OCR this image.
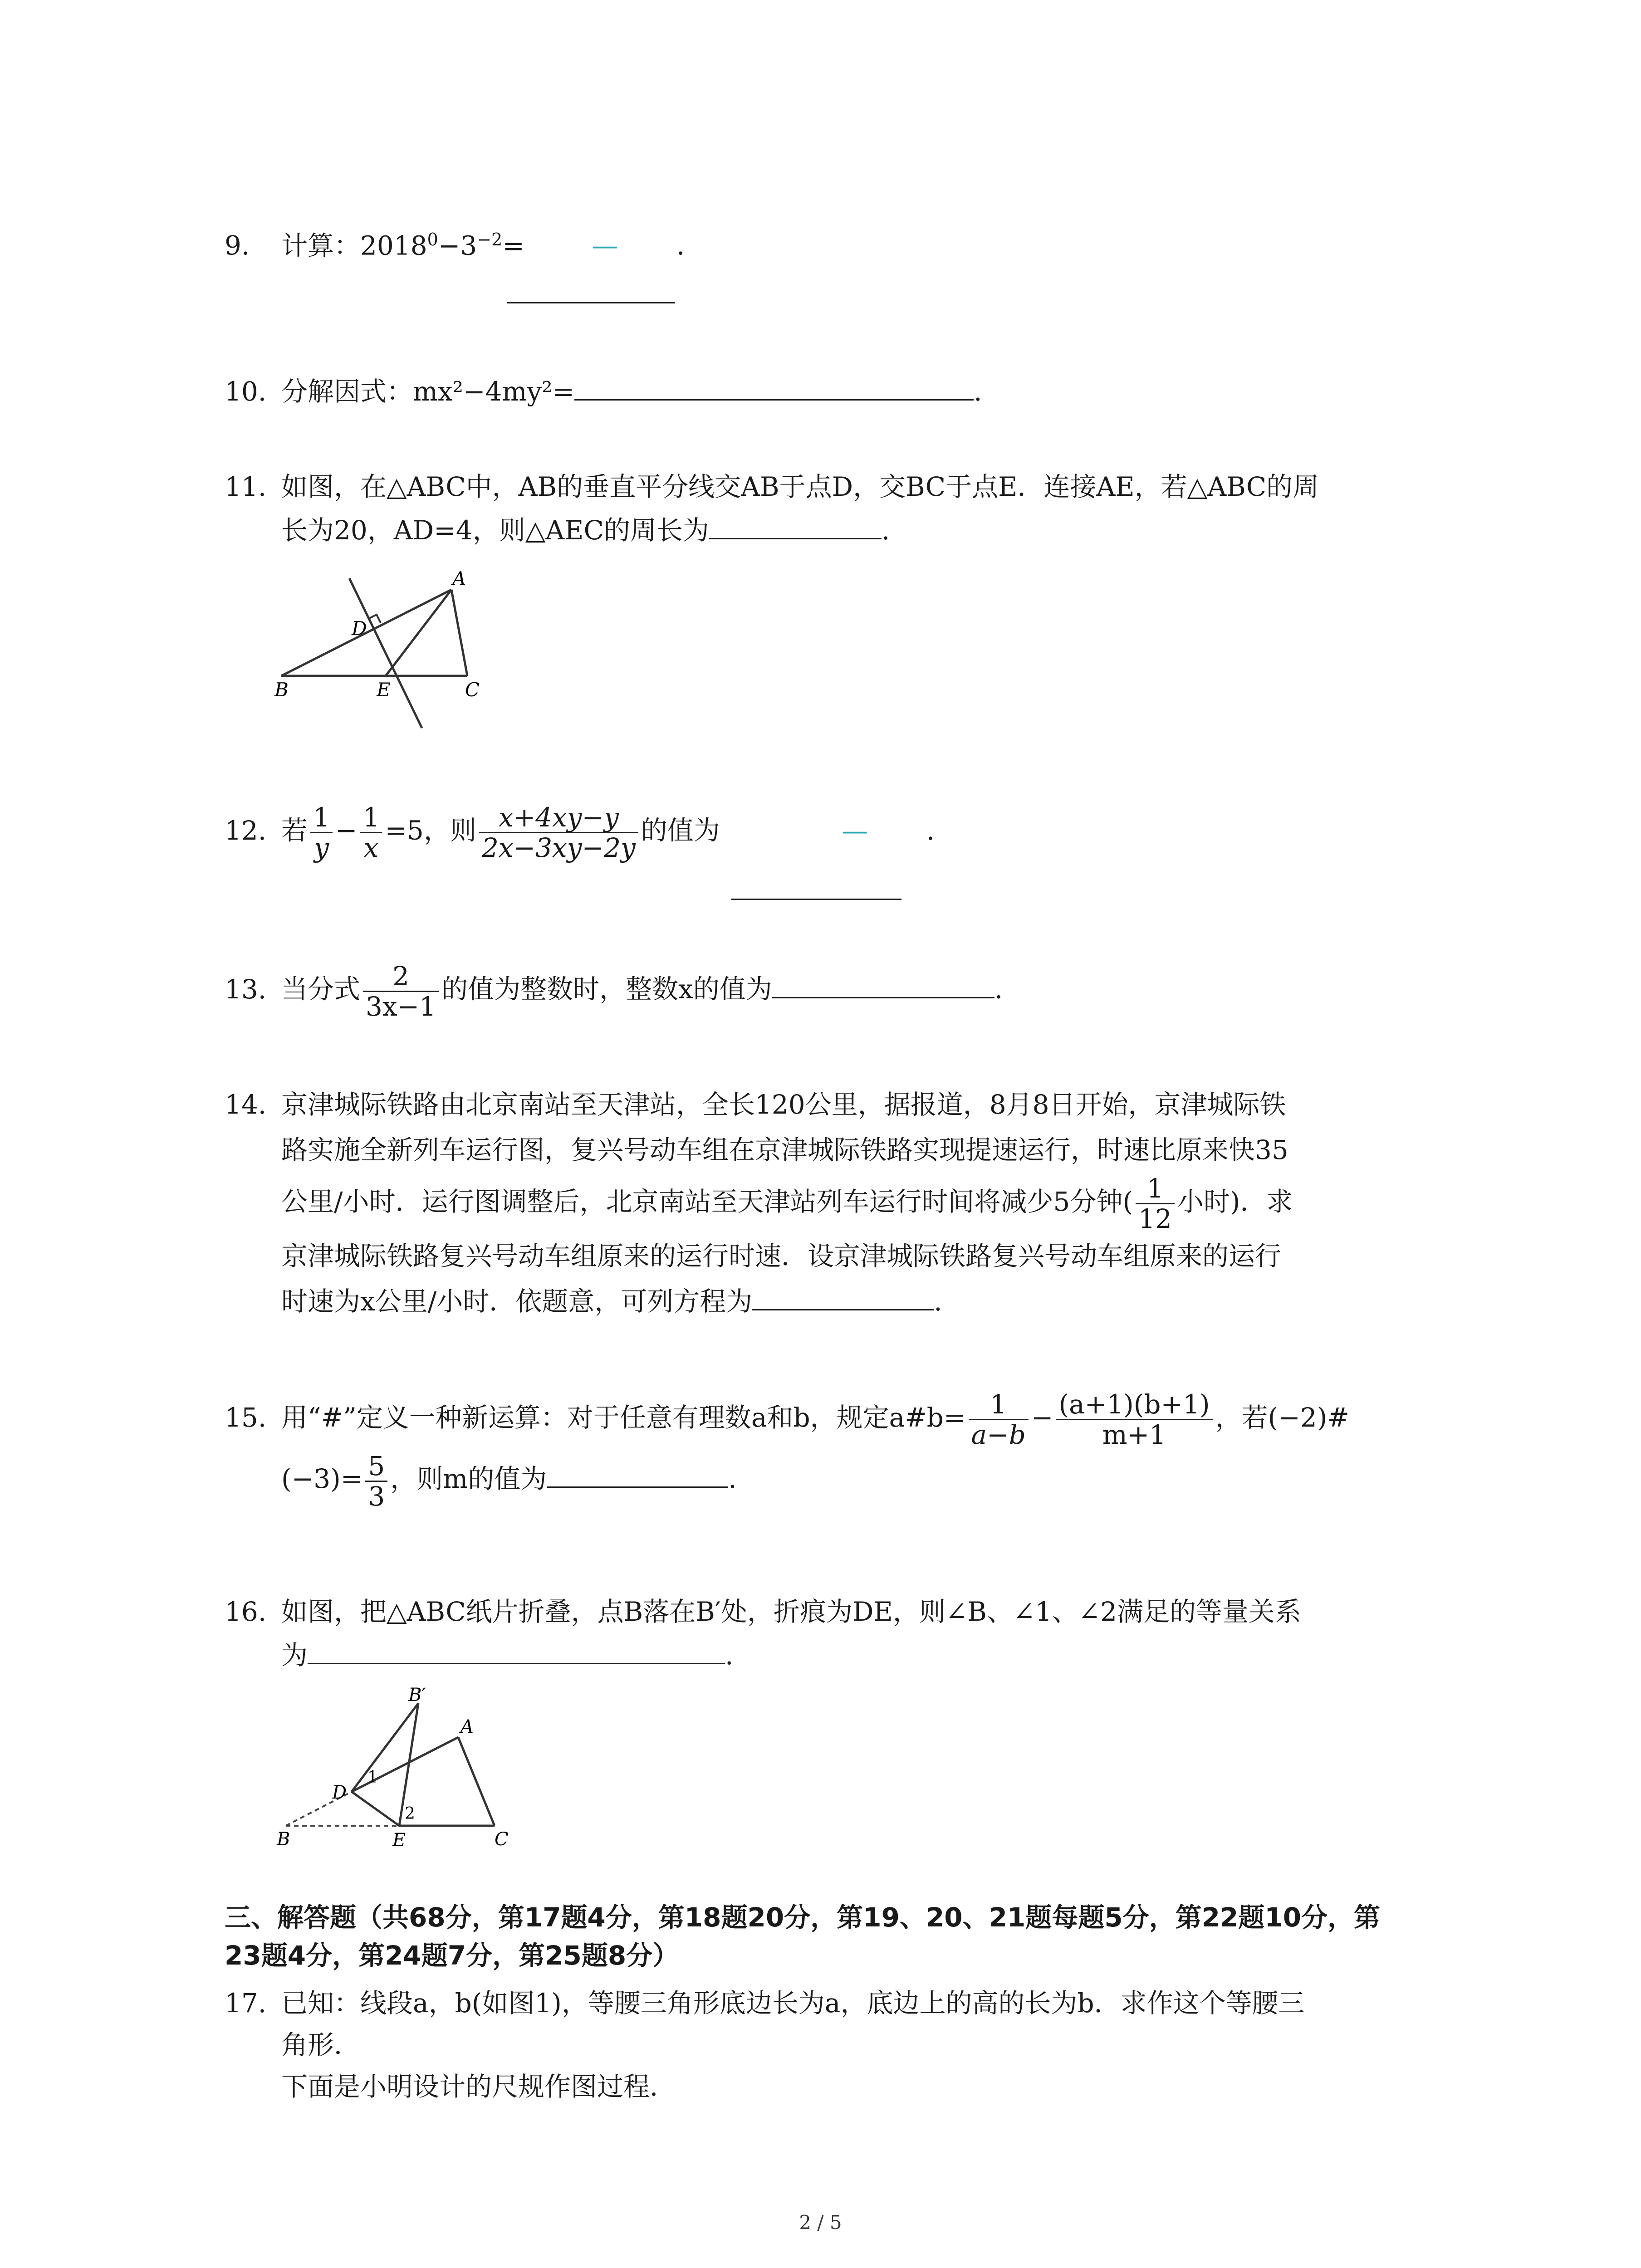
9. 计算：$2018^0-3^{-2}=$	— .
10. 分解因式：mx²−4my²=	.
11. 如图，在△ABC中，AB的垂直平分线交AB于点D，交BC于点E．连接AE，若△ABC的周
长为20，AD=4，则△AEC的周长为	.
A
B	C
D
E
12. 若 $\frac{1}{y} - \frac{1}{x} =5$，则 $\frac{x+4xy-y}{2x-3xy-2y}$ 的值为	— .
13. 当分式 $\frac{2}{3x-1}$ 的值为整数时，整数x的值为	.
14. 京津城际铁路由北京南站至天津站，全长120公里，据报道，8月8日开始，京津城际铁
路实施全新列车运行图，复兴号动车组在京津城际铁路实现提速运行，时速比原来快35
公里/小时．运行图调整后，北京南站至天津站列车运行时间将减少5分钟( $\frac{1}{12}$ 小时)．求
京津城际铁路复兴号动车组原来的运行时速．设京津城际铁路复兴号动车组原来的运行
时速为x公里/小时．依题意，可列方程为	.
15. 用“#”定义一种新运算：对于任意有理数a和b，规定a#b= $\frac{1}{a-b} - \frac{(a+1)(b+1)}{m+1}$ ，若(−2)#
$(-3)= \frac{5}{3}$ ，则m的值为	.
16. 如图，把△ABC纸片折叠，点B落在B′处，折痕为DE，则∠B、∠1、∠2满足的等量关系
为	.
B′
A
B	C
D
E
1
2
三、解答题（共68分，第17题4分，第18题20分，第19、20、21题每题5分，第22题10分，第
23题4分，第24题7分，第25题8分）
17. 已知：线段a，b(如图1)，等腰三角形底边长为a，底边上的高的长为b．求作这个等腰三
角形．
下面是小明设计的尺规作图过程．
2 / 5
